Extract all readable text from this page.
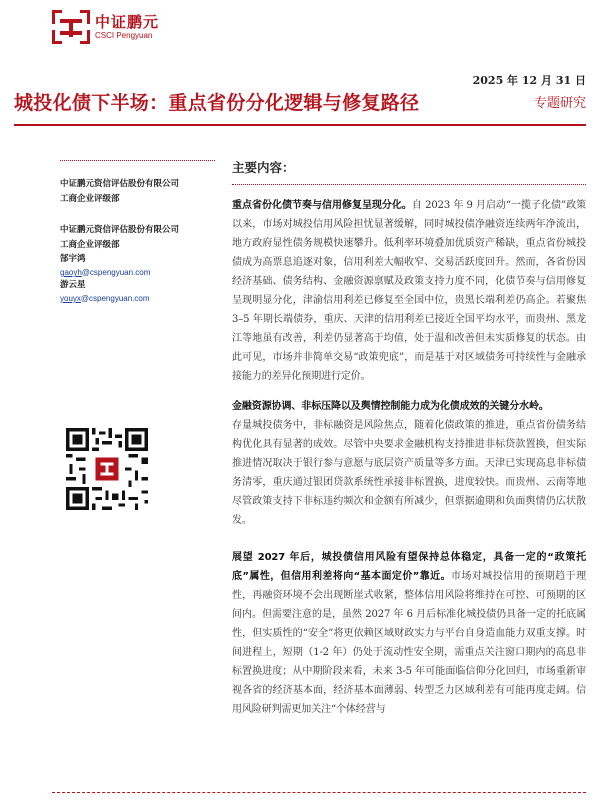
中证鹏元
CSCI Pengyuan
2025 年 12 月 31 日
城投化债下半场：重点省份分化逻辑与修复路径	专题研究
中证鹏元资信评估股份有限公司
工商企业评级部
中证鹏元资信评估股份有限公司
工商企业评级部
郜宇鸿
gaoyh@cspengyuan.com
游云星
youyx@cspengyuan.com
主要内容：

重点省份化债节奏与信用修复呈现分化。自 2023 年 9 月启动“一揽子化债”政策以来，市场对城投信用风险担忧显著缓解，同时城投债净融资连续两年净流出，地方政府显性债务规模快速攀升。低利率环境叠加优质资产稀缺，重点省份城投债成为高票息追逐对象，信用利差大幅收窄、交易活跃度回升。然而，各省份因经济基础、债务结构、金融资源禀赋及政策支持力度不同，化债节奏与信用修复呈现明显分化，津渝信用利差已修复至全国中位，贵黑长端利差仍高企。若聚焦 3–5 年期长端债券，重庆、天津的信用利差已接近全国平均水平，而贵州、黑龙江等地虽有改善，利差仍显著高于均值，处于温和改善但未实质修复的状态。由此可见，市场并非简单交易“政策兜底”，而是基于对区域债务可持续性与金融承接能力的差异化预期进行定价。

金融资源协调、非标压降以及舆情控制能力成为化债成效的关键分水岭。
存量城投债务中，非标融资是风险焦点，随着化债政策的推进，重点省份债务结构优化具有显著的成效。尽管中央要求金融机构支持推进非标贷款置换，但实际推进情况取决于银行参与意愿与底层资产质量等多方面。天津已实现高息非标债务清零，重庆通过银团贷款系统性承接非标置换，进度较快。而贵州、云南等地尽管政策支持下非标违约频次和金额有所减少，但票据逾期和负面舆情仍広状散发。

展望 2027 年后，城投债信用风险有望保持总体稳定，具备一定的“政策托底”属性，但信用利差将向“基本面定价”靠近。市场对城投信用的预期趋于理性，再融资环境不会出现断崖式收紧，整体信用风险将维持在可控、可预期的区间内。但需要注意的是，虽然 2027 年 6 月后标准化城投债仍具备一定的托底属性，但实质性的“安全”将更依赖区域财政实力与平台自身造血能力双重支撑。时间进程上，短期（1-2 年）仍处于流动性安全期，需重点关注窗口期内的高息非标置换进度；从中期阶段来看，未来 3-5 年可能面临信仰分化回归，市场重新审视各省的经济基本面，经济基本面薄弱、转型乏力区域利差有可能再度走阔。信用风险研判需更加关注“个体经营与
